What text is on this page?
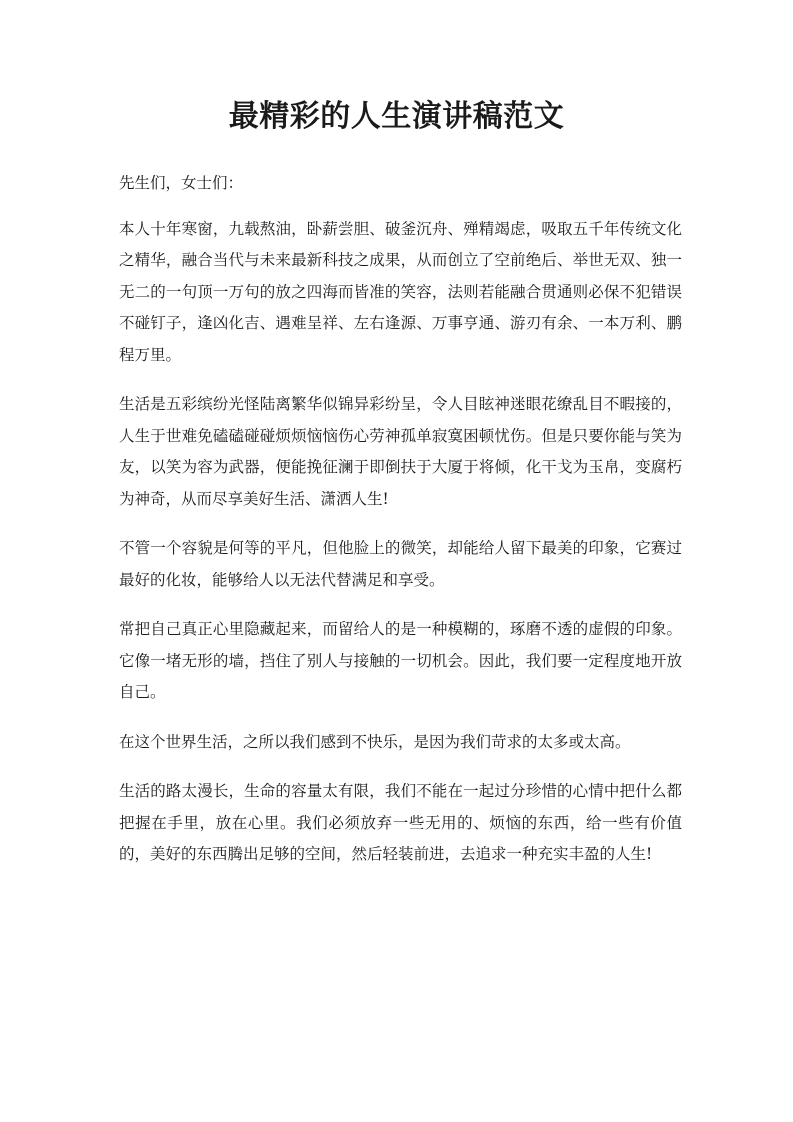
最精彩的人生演讲稿范文

先生们，女士们：

本人十年寒窗，九载熬油，卧薪尝胆、破釜沉舟、殚精竭虑，吸取五千年传统文化之精华，融合当代与未来最新科技之成果，从而创立了空前绝后、举世无双、独一无二的一句顶一万句的放之四海而皆准的笑容，法则若能融合贯通则必保不犯错误不碰钉子，逢凶化吉、遇难呈祥、左右逢源、万事亨通、游刃有余、一本万利、鹏程万里。

生活是五彩缤纷光怪陆离繁华似锦异彩纷呈，令人目眩神迷眼花缭乱目不暇接的，人生于世难免磕磕碰碰烦烦恼恼伤心劳神孤单寂寞困顿忧伤。但是只要你能与笑为友，以笑为容为武器，便能挽征澜于即倒扶于大厦于将倾，化干戈为玉帛，变腐朽为神奇，从而尽享美好生活、潇洒人生!

不管一个容貌是何等的平凡，但他脸上的微笑，却能给人留下最美的印象，它赛过最好的化妆，能够给人以无法代替满足和享受。

常把自己真正心里隐藏起来，而留给人的是一种模糊的，琢磨不透的虚假的印象。它像一堵无形的墙，挡住了别人与接触的一切机会。因此，我们要一定程度地开放自己。

在这个世界生活，之所以我们感到不快乐，是因为我们苛求的太多或太高。

生活的路太漫长，生命的容量太有限，我们不能在一起过分珍惜的心情中把什么都把握在手里，放在心里。我们必须放弃一些无用的、烦恼的东西，给一些有价值的，美好的东西腾出足够的空间，然后轻装前进，去追求一种充实丰盈的人生!
